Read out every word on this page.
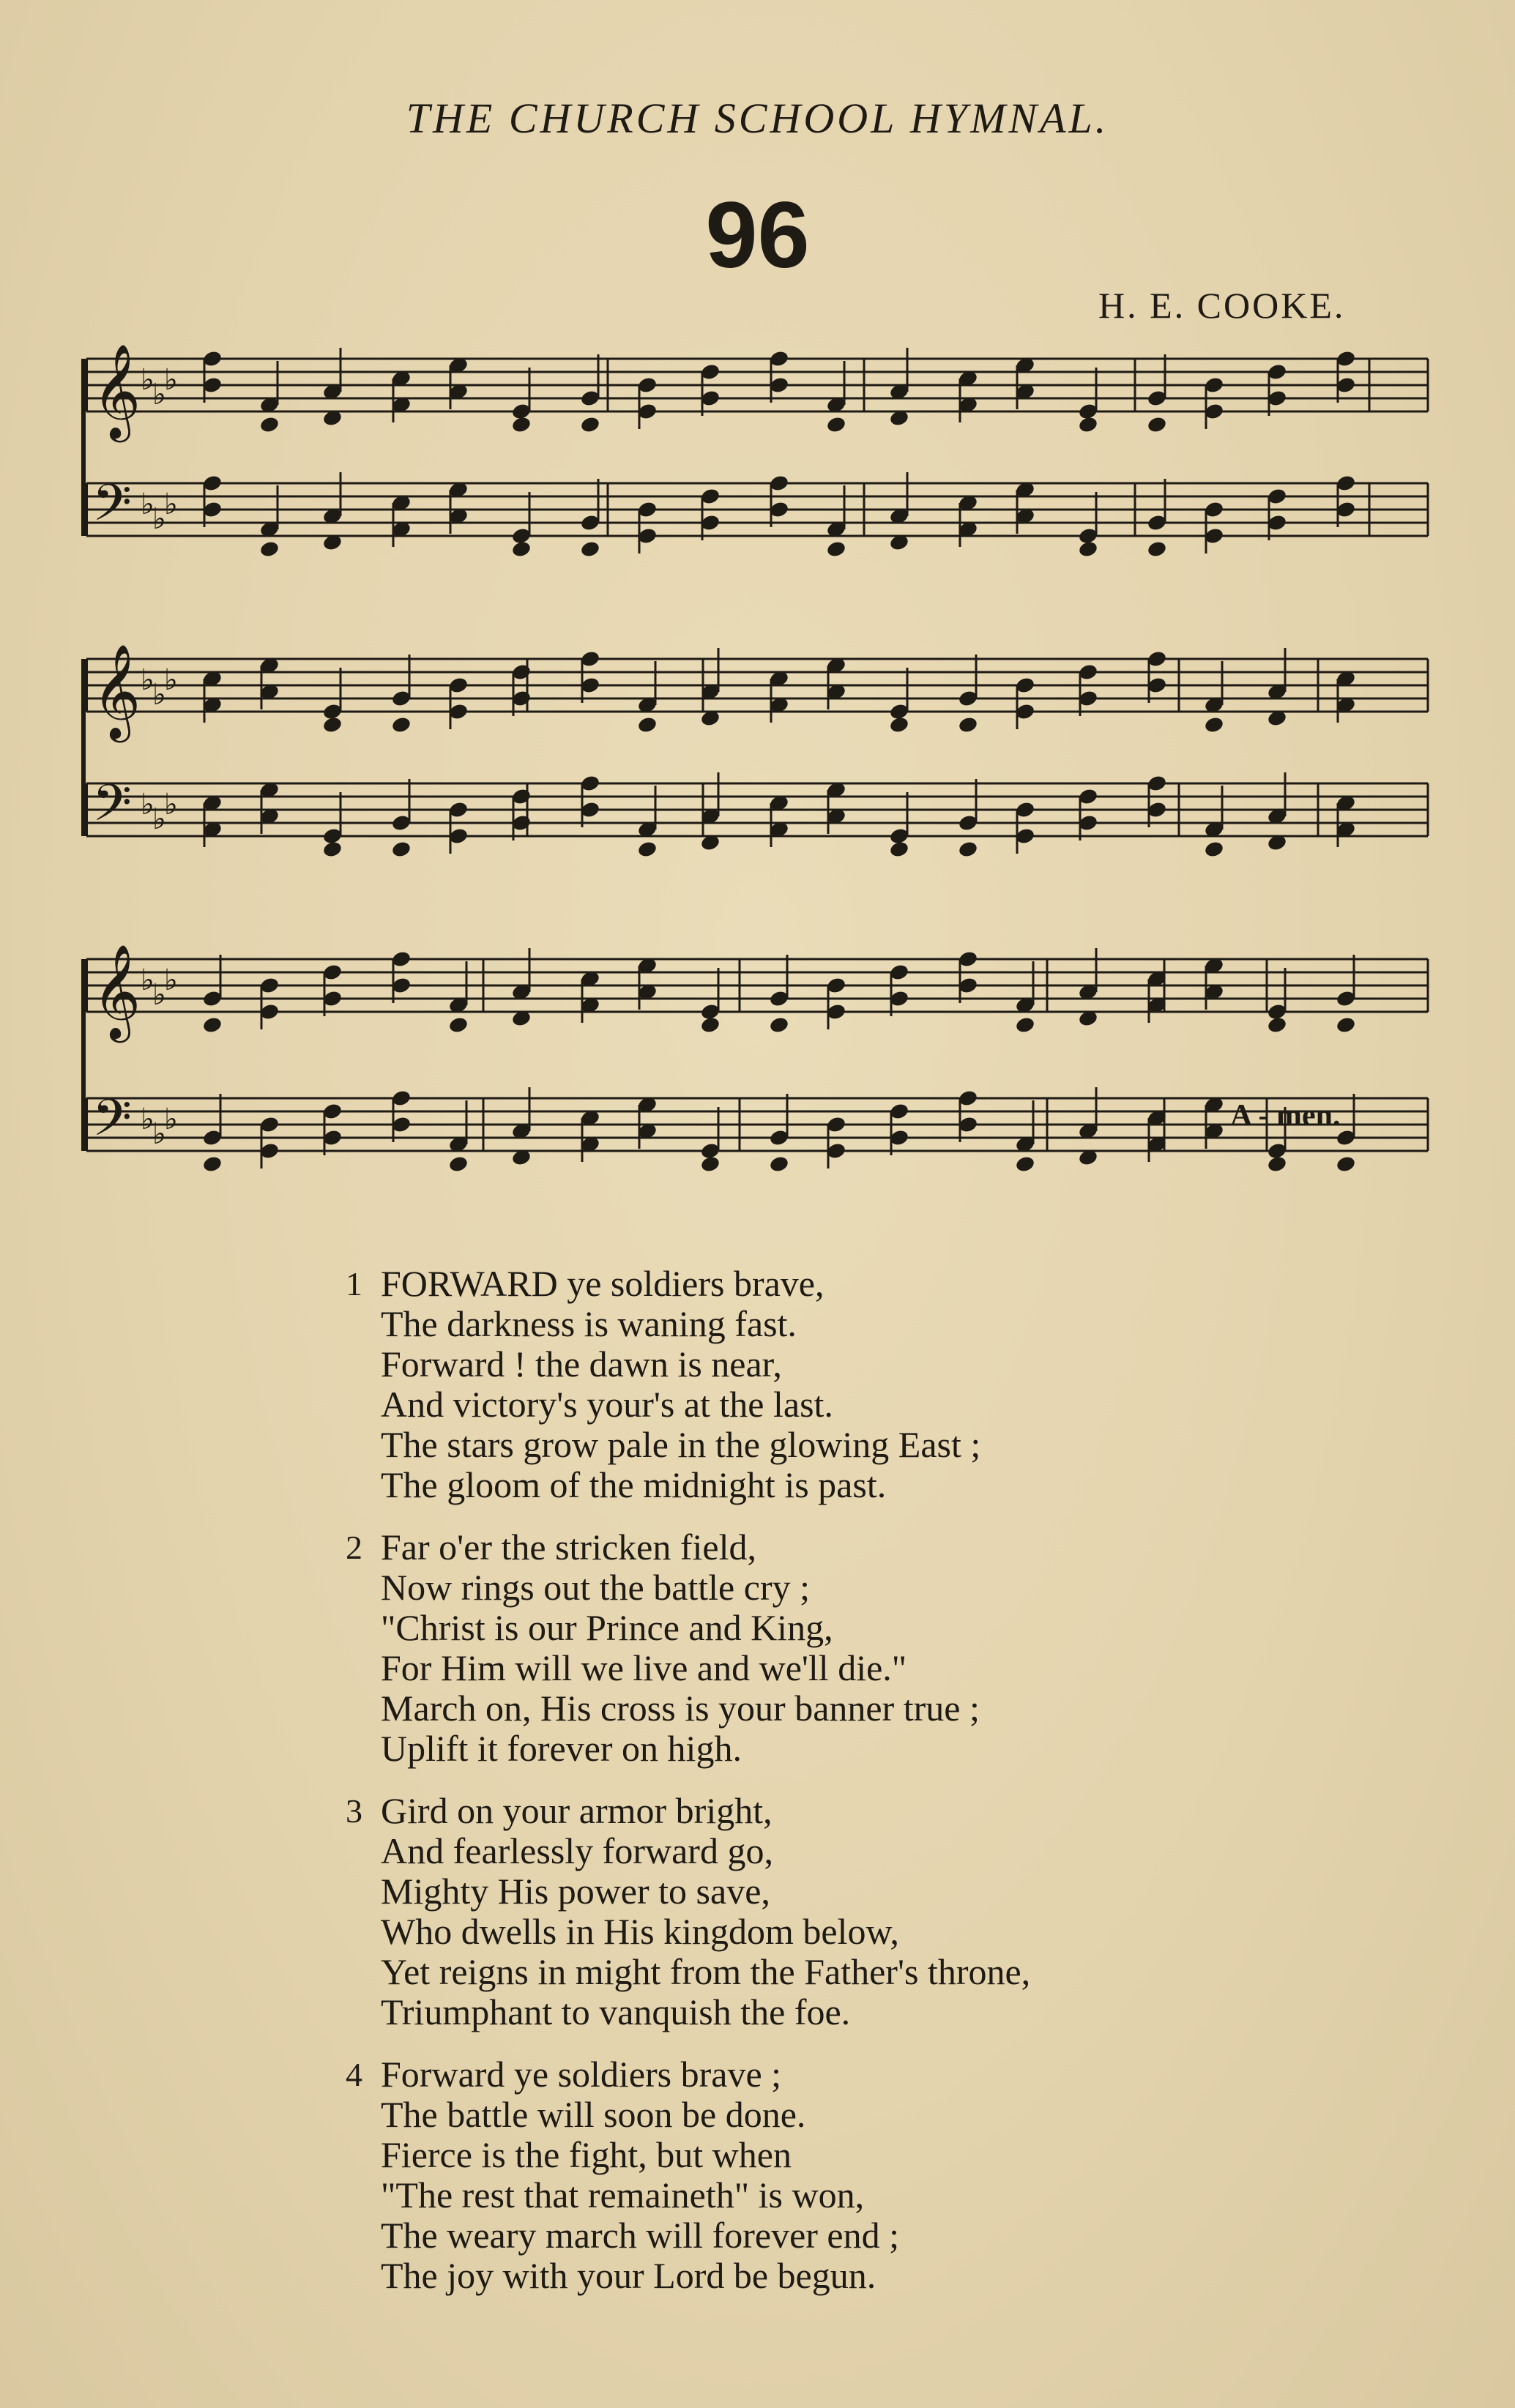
THE CHURCH SCHOOL HYMNAL.
96
H. E. COOKE.
𝄞 ♭
♭
♭
𝄢 ♭
♭
♭
𝄞 ♭
♭
♭
𝄢 ♭
♭
♭
𝄞 ♭
♭
♭
𝄢 ♭
♭
♭	A - men.
1 FORWARD ye soldiers brave,
The darkness is waning fast.
Forward ! the dawn is near,
And victory's your's at the last.
The stars grow pale in the glowing East ;
The gloom of the midnight is past.
2 Far o'er the stricken field,
Now rings out the battle cry ;
"Christ is our Prince and King,
For Him will we live and we'll die."
March on, His cross is your banner true ;
Uplift it forever on high.
3 Gird on your armor bright,
And fearlessly forward go,
Mighty His power to save,
Who dwells in His kingdom below,
Yet reigns in might from the Father's throne,
Triumphant to vanquish the foe.
4 Forward ye soldiers brave ;
The battle will soon be done.
Fierce is the fight, but when
"The rest that remaineth" is won,
The weary march will forever end ;
The joy with your Lord be begun.
